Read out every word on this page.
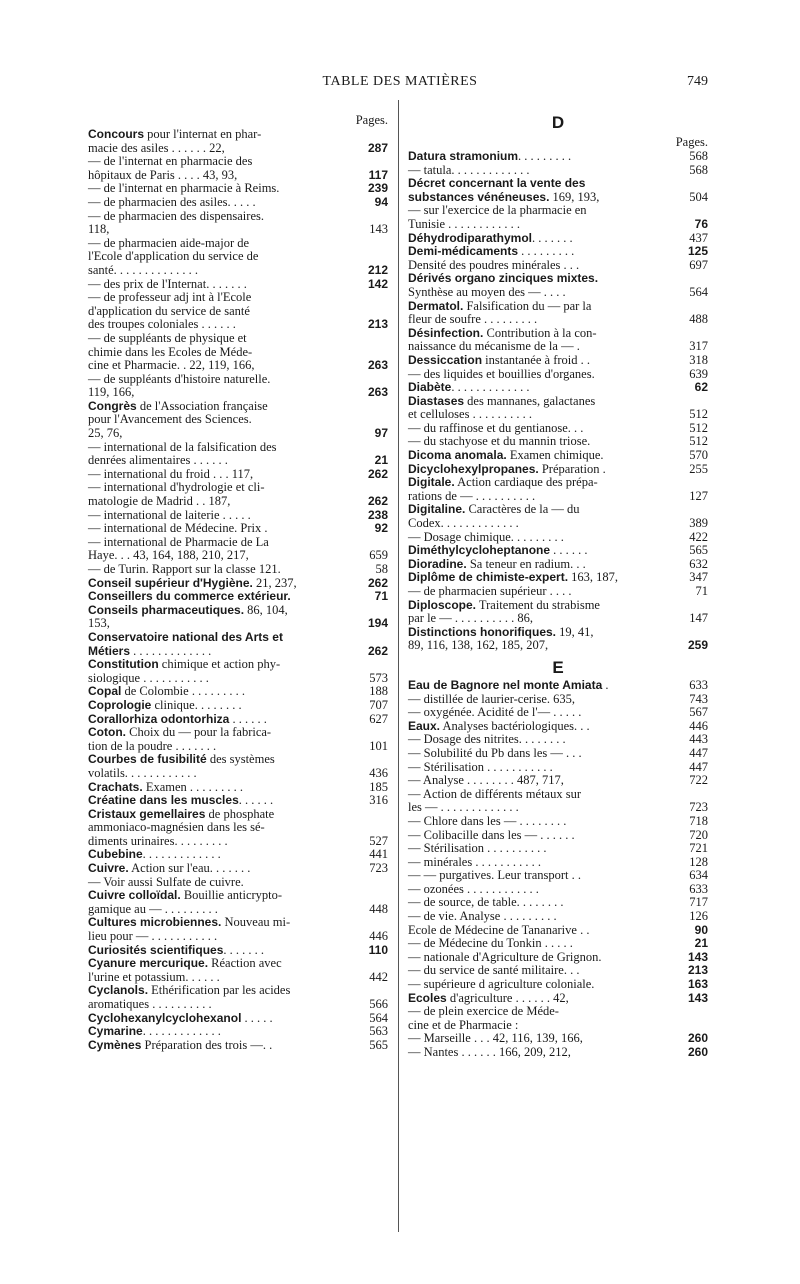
TABLE DES MATIÈRES	749
Pages.
Concours pour l'internat en phar-
macie des asiles . . . . . . 22,	287
— de l'internat en pharmacie des
hôpitaux de Paris . . . . 43, 93,	117
— de l'internat en pharmacie à Reims.	239
— de pharmacien des asiles. . . . .	94
— de pharmacien des dispensaires.
118,	143
— de pharmacien aide-major de
l'Ecole d'application du service de
santé. . . . . . . . . . . . . .	212
— des prix de l'Internat. . . . . . .	142
— de professeur adj int à l'Ecole
d'application du service de santé
des troupes coloniales . . . . . .	213
— de suppléants de physique et
chimie dans les Ecoles de Méde-
cine et Pharmacie. . 22, 119, 166,	263
— de suppléants d'histoire naturelle.
119, 166,	263
Congrès de l'Association française
pour l'Avancement des Sciences.
25, 76,	97
— international de la falsification des
denrées alimentaires . . . . . .	21
— international du froid . . . 117,	262
— international d'hydrologie et cli-
matologie de Madrid . . 187,	262
— international de laiterie . . . . .	238
— international de Médecine. Prix .	92
— international de Pharmacie de La
Haye. . . 43, 164, 188, 210, 217,	659
— de Turin. Rapport sur la classe 121.	58
Conseil supérieur d'Hygiène. 21, 237,	262
Conseillers du commerce extérieur.	71
Conseils pharmaceutiques. 86, 104,
153,	194
Conservatoire national des Arts et
Métiers . . . . . . . . . . . . .	262
Constitution chimique et action phy-
siologique . . . . . . . . . . .	573
Copal de Colombie . . . . . . . . .	188
Coprologie clinique. . . . . . . .	707
Corallorhiza odontorhiza . . . . . .	627
Coton. Choix du — pour la fabrica-
tion de la poudre . . . . . . .	101
Courbes de fusibilité des systèmes
volatils. . . . . . . . . . . .	436
Crachats. Examen . . . . . . . . .	185
Créatine dans les muscles. . . . . .	316
Cristaux gemellaires de phosphate
ammoniaco-magnésien dans les sé-
diments urinaires. . . . . . . . .	527
Cubebine. . . . . . . . . . . . .	441
Cuivre. Action sur l'eau. . . . . . .	723
— Voir aussi Sulfate de cuivre.
Cuivre colloïdal. Bouillie anticrypto-
gamique au — . . . . . . . . .	448
Cultures microbiennes. Nouveau mi-
lieu pour — . . . . . . . . . . .	446
Curiosités scientifiques. . . . . . .	110
Cyanure mercurique. Réaction avec
l'urine et potassium. . . . . .	442
Cyclanols. Ethérification par les acides
aromatiques . . . . . . . . . .	566
Cyclohexanylcyclohexanol . . . . .	564
Cymarine. . . . . . . . . . . . .	563
Cymènes Préparation des trois —. .	565
D
Pages.
Datura stramonium. . . . . . . . .	568
— tatula. . . . . . . . . . . . .	568
Décret concernant la vente des
substances vénéneuses. 169, 193,	504
— sur l'exercice de la pharmacie en
Tunisie . . . . . . . . . . . .	76
Déhydrodiparathymol. . . . . . .	437
Demi-médicaments . . . . . . . . .	125
Densité des poudres minérales . . .	697
Dérivés organo zinciques mixtes.
Synthèse au moyen des — . . . .	564
Dermatol. Falsification du — par la
fleur de soufre . . . . . . . . .	488
Désinfection. Contribution à la con-
naissance du mécanisme de la — .	317
Dessiccation instantanée à froid . .	318
— des liquides et bouillies d'organes.	639
Diabète. . . . . . . . . . . . .	62
Diastases des mannanes, galactanes
et celluloses . . . . . . . . . .	512
— du raffinose et du gentianose. . .	512
— du stachyose et du mannin triose.	512
Dicoma anomala. Examen chimique.	570
Dicyclohexylpropanes. Préparation .	255
Digitale. Action cardiaque des prépa-
rations de — . . . . . . . . . .	127
Digitaline. Caractères de la — du
Codex. . . . . . . . . . . . .	389
— Dosage chimique. . . . . . . . .	422
Diméthylcycloheptanone . . . . . .	565
Dioradine. Sa teneur en radium. . .	632
Diplôme de chimiste-expert. 163, 187,	347
— de pharmacien supérieur . . . .	71
Diploscope. Traitement du strabisme
par le — . . . . . . . . . . 86,	147
Distinctions honorifiques. 19, 41,
89, 116, 138, 162, 185, 207,	259
E
Eau de Bagnore nel monte Amiata .	633
— distillée de laurier-cerise. 635,	743
— oxygénée. Acidité de l'— . . . . .	567
Eaux. Analyses bactériologiques. . .	446
— Dosage des nitrites. . . . . . . .	443
— Solubilité du Pb dans les — . . .	447
— Stérilisation . . . . . . . . . . .	447
— Analyse . . . . . . . . 487, 717,	722
— Action de différents métaux sur
les — . . . . . . . . . . . . .	723
— Chlore dans les — . . . . . . . .	718
— Colibacille dans les — . . . . . .	720
— Stérilisation . . . . . . . . . .	721
— minérales . . . . . . . . . . .	128
— — purgatives. Leur transport . .	634
— ozonées . . . . . . . . . . . .	633
— de source, de table. . . . . . . .	717
— de vie. Analyse . . . . . . . . .	126
Ecole de Médecine de Tananarive . .	90
— de Médecine du Tonkin . . . . .	21
— nationale d'Agriculture de Grignon.	143
— du service de santé militaire. . .	213
— supérieure d agriculture coloniale.	163
Ecoles d'agriculture . . . . . . 42,	143
— de plein exercice de Méde-
cine et de Pharmacie :
— Marseille . . . 42, 116, 139, 166,	260
— Nantes . . . . . . 166, 209, 212,	260
